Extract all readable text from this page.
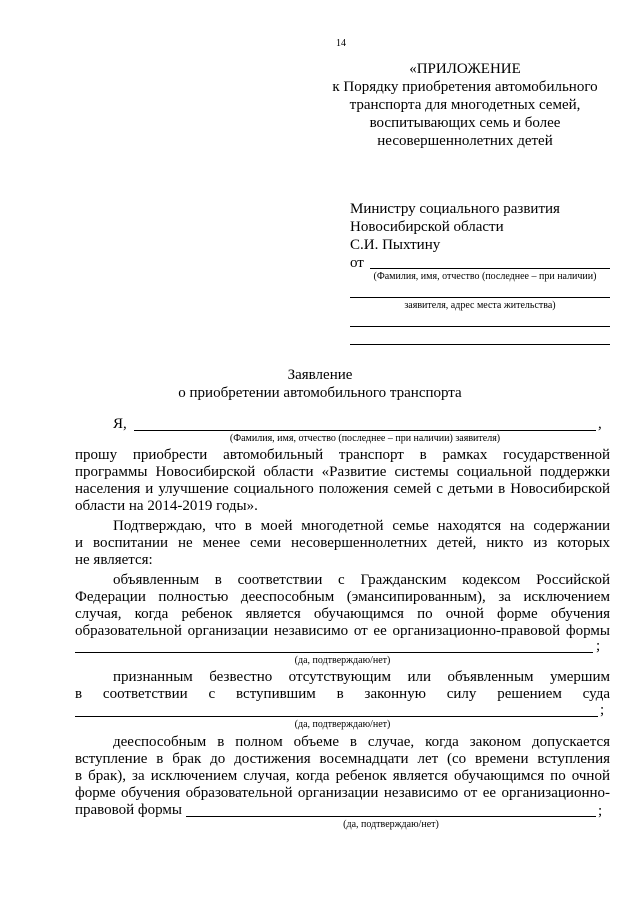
14
«ПРИЛОЖЕНИЕ
к Порядку приобретения автомобильного
транспорта для многодетных семей,
воспитывающих семь и более
несовершеннолетних детей
Министру социального развития
Новосибирской области
С.И. Пыхтину
от
(Фамилия, имя, отчество (последнее – при наличии)
заявителя, адрес места жительства)
Заявление
о приобретении автомобильного транспорта
Я,	,
(Фамилия, имя, отчество (последнее – при наличии) заявителя)
прошу приобрести автомобильный транспорт в рамках государственной
программы Новосибирской области «Развитие системы социальной поддержки
населения и улучшение социального положения семей с детьми в Новосибирской
области на 2014-2019 годы».
Подтверждаю, что в моей многодетной семье находятся на содержании
и воспитании не менее семи несовершеннолетних детей, никто из которых
не является:
объявленным в соответствии с Гражданским кодексом Российской
Федерации полностью дееспособным (эмансипированным), за исключением
случая, когда ребенок является обучающимся по очной форме обучения
образовательной организации независимо от ее организационно-правовой формы
;
(да, подтверждаю/нет)
признанным безвестно отсутствующим или объявленным умершим
в соответствии с вступившим в законную силу решением суда
;
(да, подтверждаю/нет)
дееспособным в полном объеме в случае, когда законом допускается
вступление в брак до достижения восемнадцати лет (со времени вступления
в брак), за исключением случая, когда ребенок является обучающимся по очной
форме обучения образовательной организации независимо от ее организационно-
правовой формы	;
(да, подтверждаю/нет)
